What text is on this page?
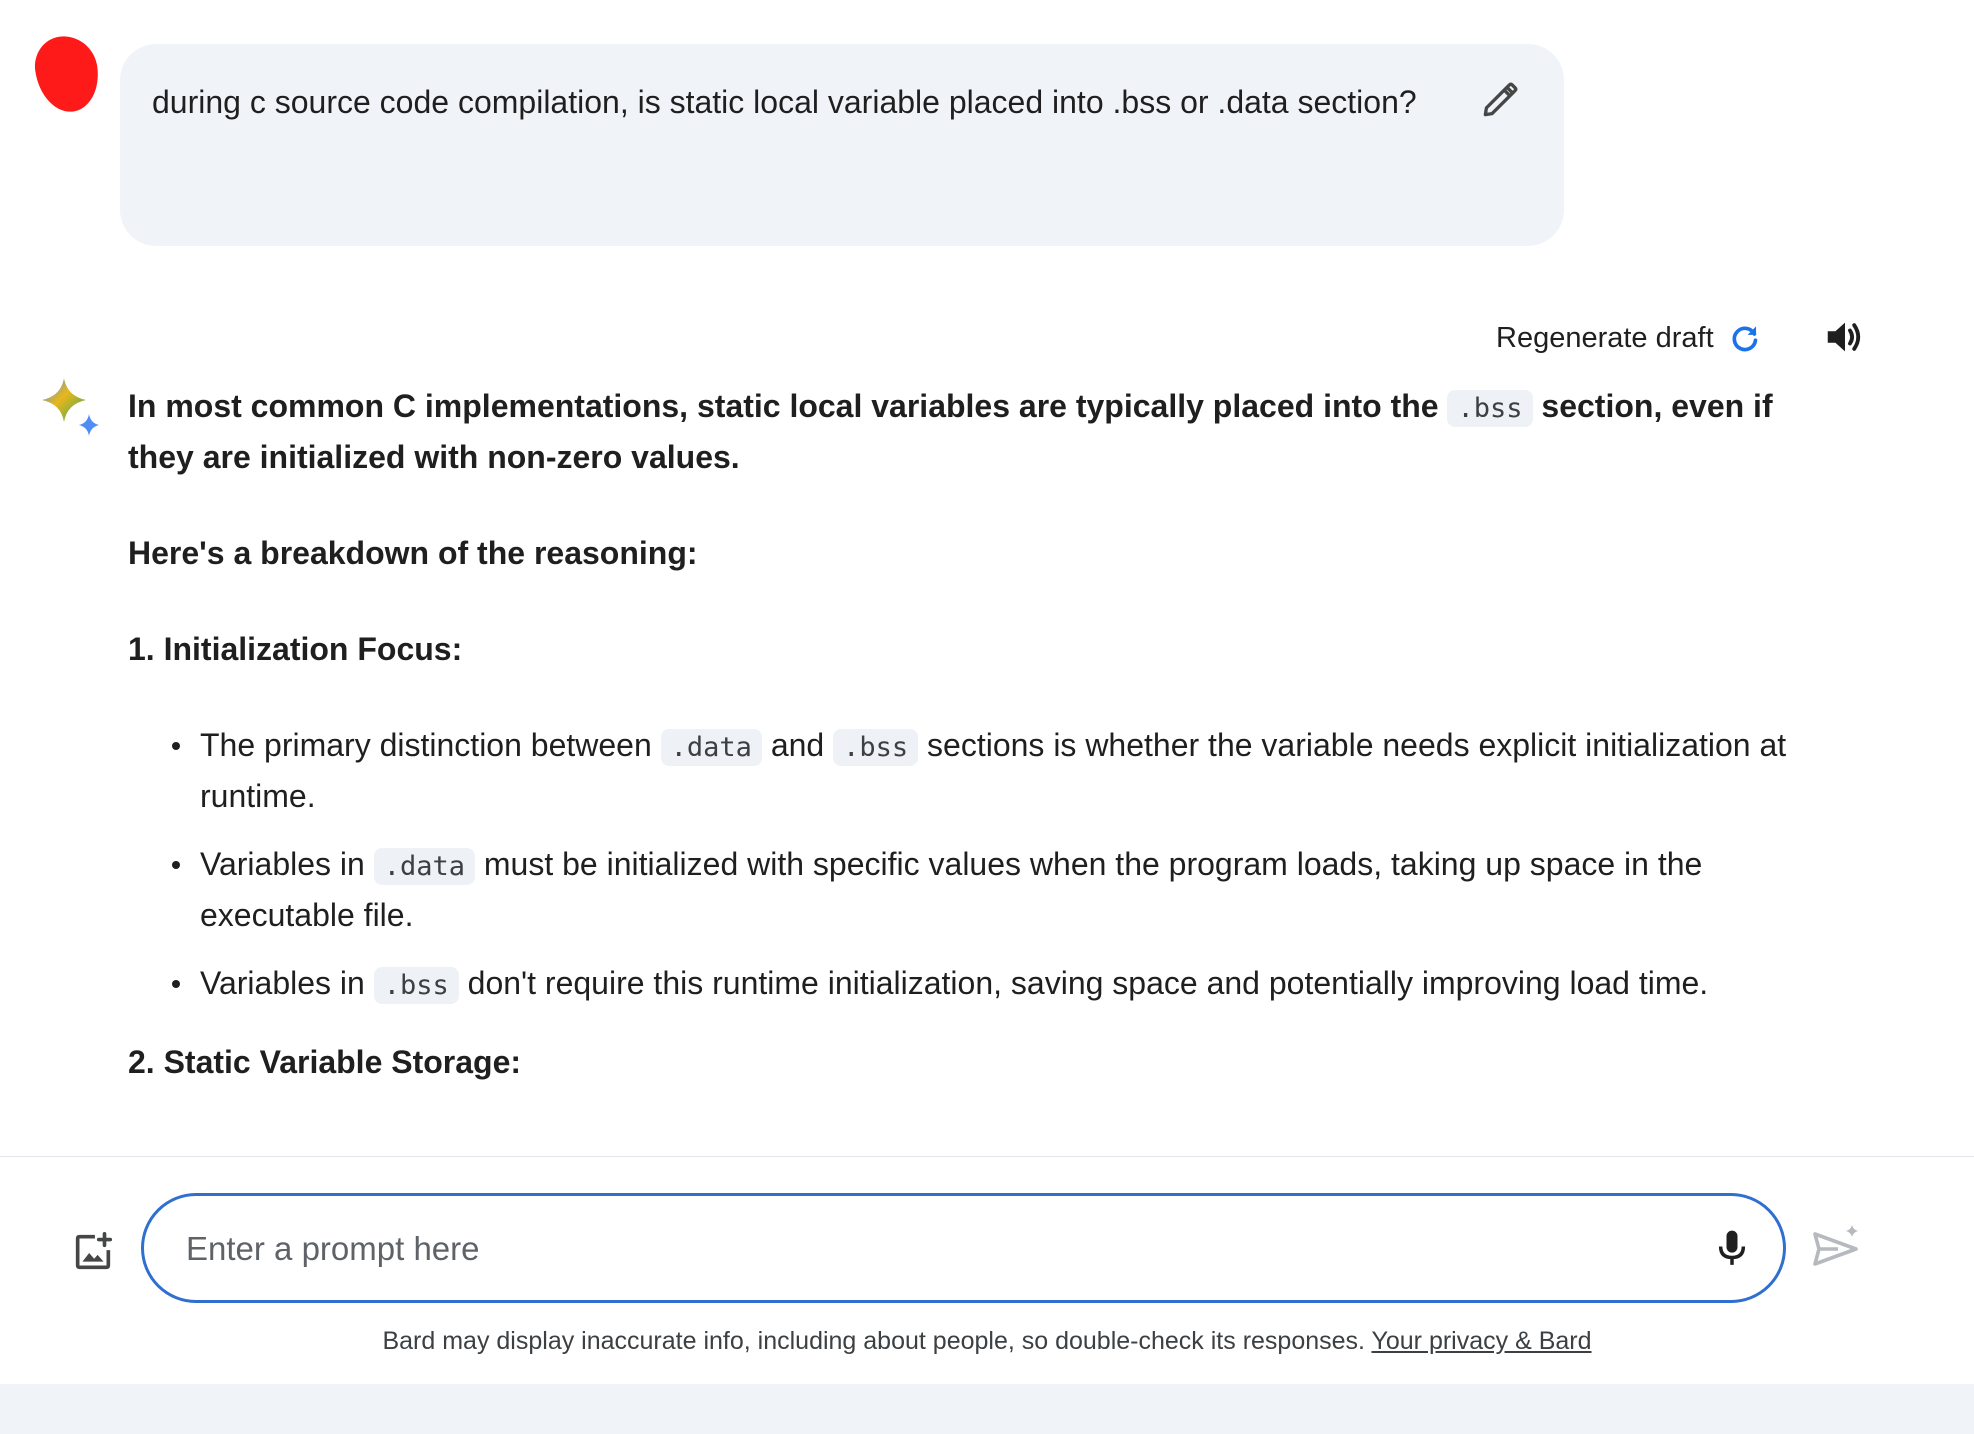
during c source code compilation, is static local variable placed into .bss or .data section?
Regenerate draft

In most common C implementations, static local variables are typically placed into the .bss section, even if they are initialized with non-zero values.

Here's a breakdown of the reasoning:

1. Initialization Focus:

The primary distinction between .data and .bss sections is whether the variable needs explicit initialization at runtime.
Variables in .data must be initialized with specific values when the program loads, taking up space in the executable file.
Variables in .bss don't require this runtime initialization, saving space and potentially improving load time.

2. Static Variable Storage:

Enter a prompt here
Bard may display inaccurate info, including about people, so double-check its responses. Your privacy & Bard
